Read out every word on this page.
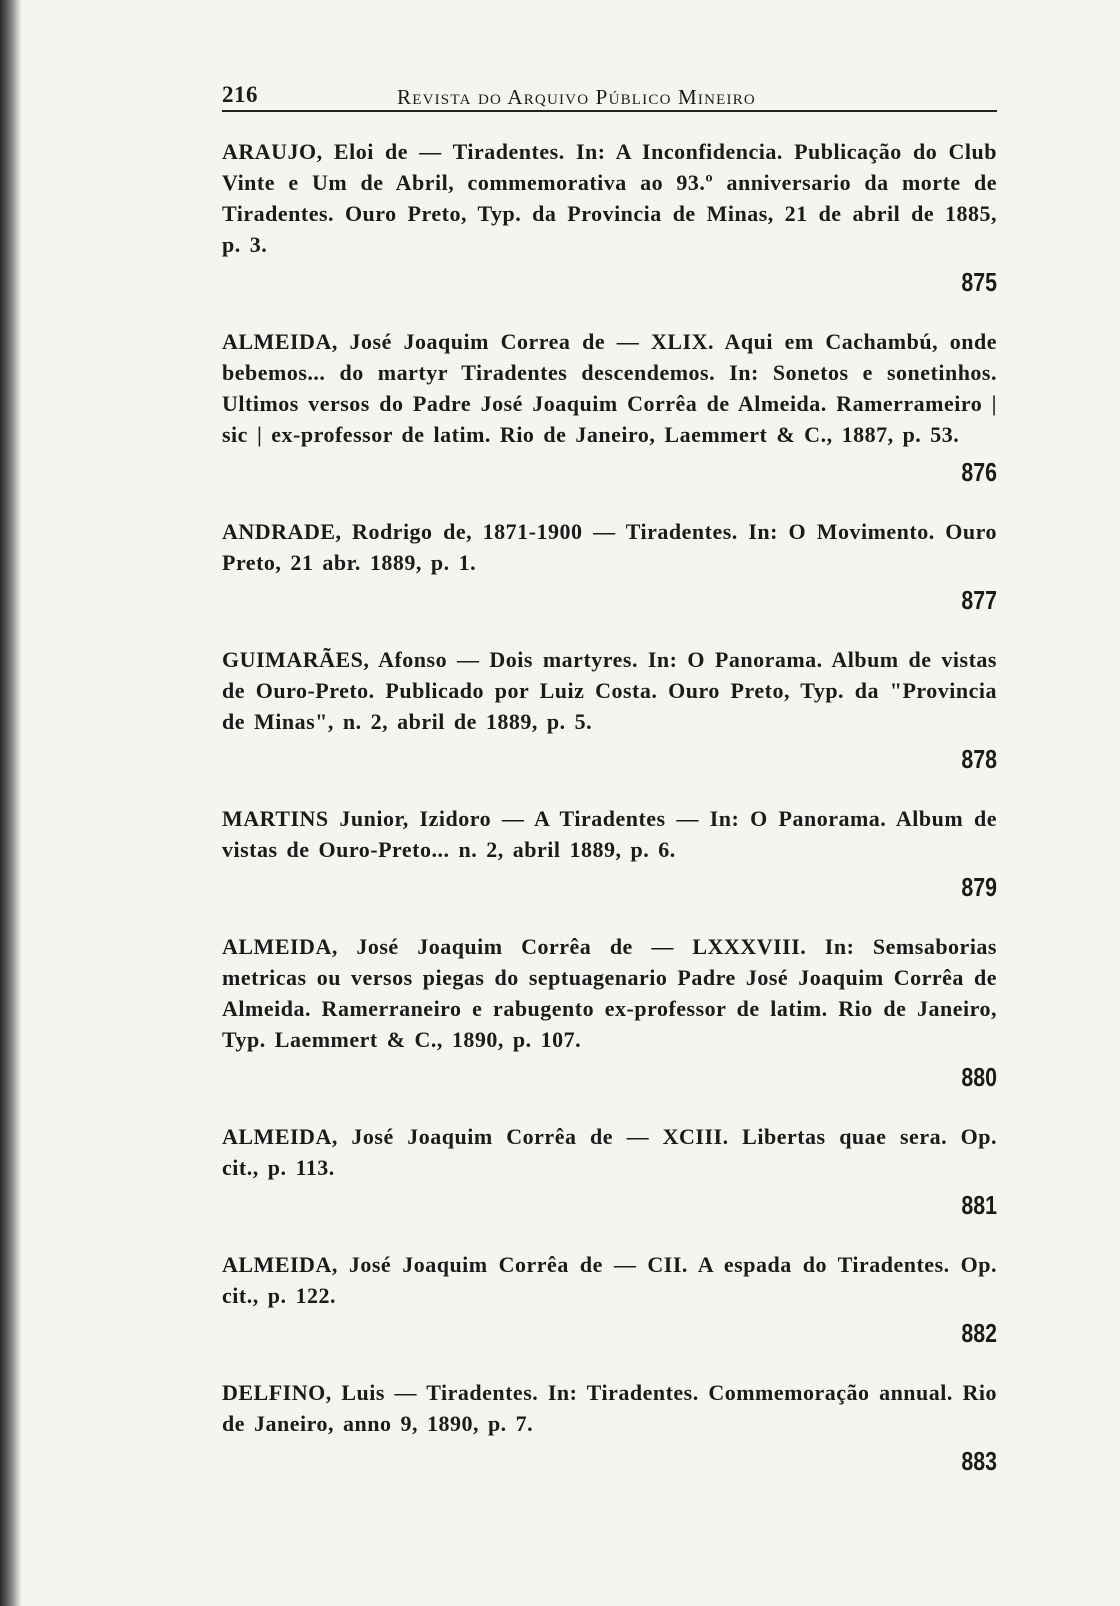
216	Revista do Arquivo Público Mineiro

ARAUJO, Eloi de — Tiradentes. In: A Inconfidencia. Publicação do Club Vinte e Um de Abril, commemorativa ao 93.º anniversario da morte de Tiradentes. Ouro Preto, Typ. da Provincia de Minas, 21 de abril de 1885, p. 3.

875

ALMEIDA, José Joaquim Correa de — XLIX. Aqui em Cachambú, onde bebemos... do martyr Tiradentes descendemos. In: Sonetos e sonetinhos. Ultimos versos do Padre José Joaquim Corrêa de Almeida. Ramerrameiro | sic | ex-professor de latim. Rio de Janeiro, Laemmert & C., 1887, p. 53.

876

ANDRADE, Rodrigo de, 1871-1900 — Tiradentes. In: O Movimento. Ouro Preto, 21 abr. 1889, p. 1.

877

GUIMARÃES, Afonso — Dois martyres. In: O Panorama. Album de vistas de Ouro-Preto. Publicado por Luiz Costa. Ouro Preto, Typ. da "Provincia de Minas", n. 2, abril de 1889, p. 5.

878

MARTINS Junior, Izidoro — A Tiradentes — In: O Panorama. Album de vistas de Ouro-Preto... n. 2, abril 1889, p. 6.

879

ALMEIDA, José Joaquim Corrêa de — LXXXVIII. In: Semsaborias metricas ou versos piegas do septuagenario Padre José Joaquim Corrêa de Almeida. Ramerraneiro e rabugento ex-professor de latim. Rio de Janeiro, Typ. Laemmert & C., 1890, p. 107.

880

ALMEIDA, José Joaquim Corrêa de — XCIII. Libertas quae sera. Op. cit., p. 113.

881

ALMEIDA, José Joaquim Corrêa de — CII. A espada do Tiradentes. Op. cit., p. 122.

882

DELFINO, Luis — Tiradentes. In: Tiradentes. Commemoração annual. Rio de Janeiro, anno 9, 1890, p. 7.

883
